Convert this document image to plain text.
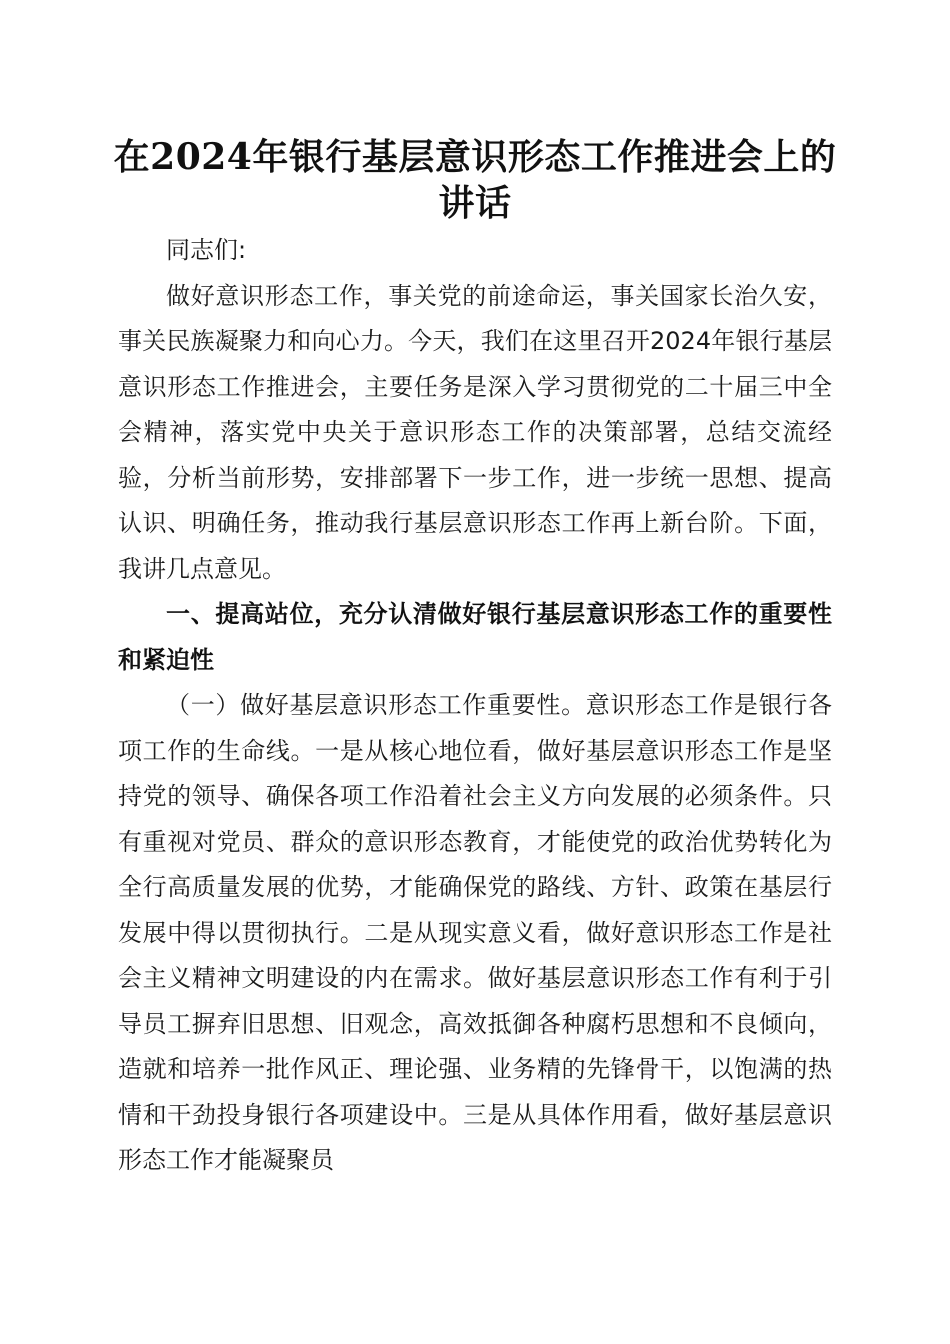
在2024年银行基层意识形态工作推进会上的讲话

同志们:

做好意识形态工作，事关党的前途命运，事关国家长治久安，事关民族凝聚力和向心力。今天，我们在这里召开2024年银行基层意识形态工作推进会，主要任务是深入学习贯彻党的二十届三中全会精神，落实党中央关于意识形态工作的决策部署，总结交流经验，分析当前形势，安排部署下一步工作，进一步统一思想、提高认识、明确任务，推动我行基层意识形态工作再上新台阶。下面，我讲几点意见。

一、提高站位，充分认清做好银行基层意识形态工作的重要性和紧迫性

（一）做好基层意识形态工作重要性。意识形态工作是银行各项工作的生命线。一是从核心地位看，做好基层意识形态工作是坚持党的领导、确保各项工作沿着社会主义方向发展的必须条件。只有重视对党员、群众的意识形态教育，才能使党的政治优势转化为全行高质量发展的优势，才能确保党的路线、方针、政策在基层行发展中得以贯彻执行。二是从现实意义看，做好意识形态工作是社会主义精神文明建设的内在需求。做好基层意识形态工作有利于引导员工摒弃旧思想、旧观念，高效抵御各种腐朽思想和不良倾向，造就和培养一批作风正、理论强、业务精的先锋骨干，以饱满的热情和干劲投身银行各项建设中。三是从具体作用看，做好基层意识形态工作才能凝聚员
